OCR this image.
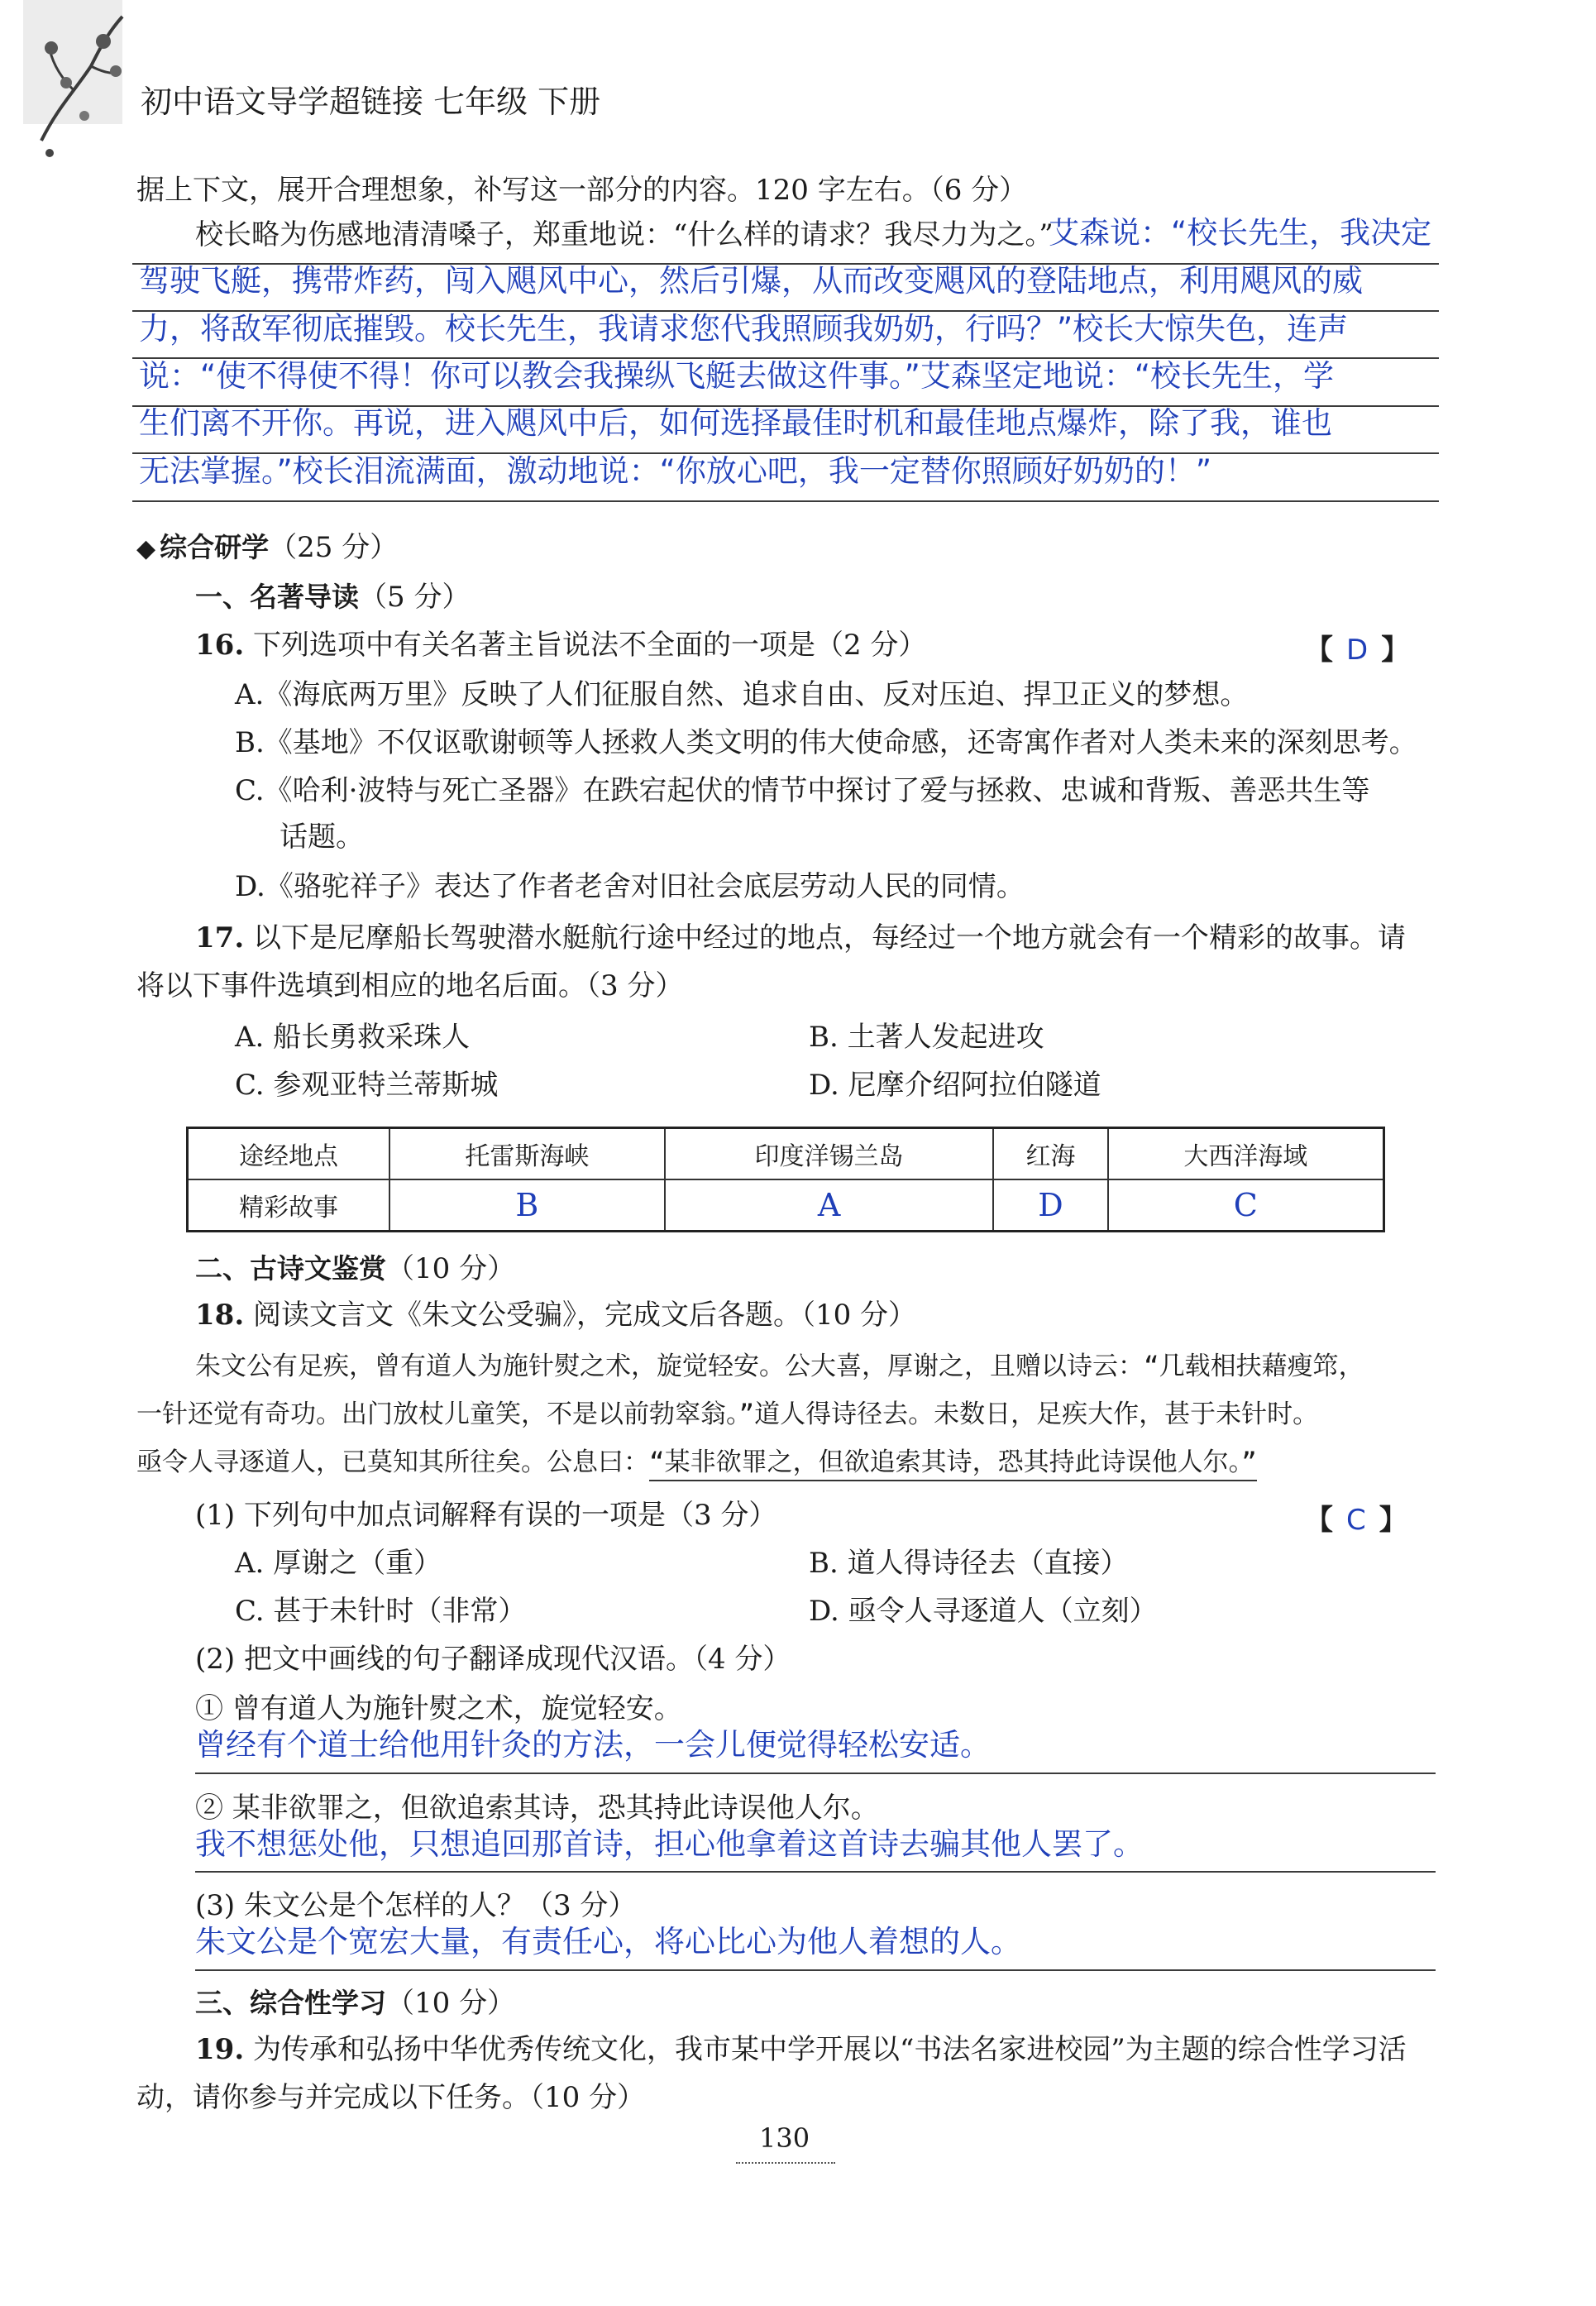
初中语文导学超链接 七年级 下册
据上下文，展开合理想象，补写这一部分的内容。120 字左右。（6 分）
校长略为伤感地清清嗓子，郑重地说：“什么样的请求？我尽力为之。”
艾森说：“校长先生，我决定
驾驶飞艇，携带炸药，闯入飓风中心，然后引爆，从而改变飓风的登陆地点，利用飓风的威
力，将敌军彻底摧毁。校长先生，我请求您代我照顾我奶奶，行吗？”校长大惊失色，连声
说：“使不得使不得！你可以教会我操纵飞艇去做这件事。”艾森坚定地说：“校长先生，学
生们离不开你。再说，进入飓风中后，如何选择最佳时机和最佳地点爆炸，除了我，谁也
无法掌握。”校长泪流满面，激动地说：“你放心吧，我一定替你照顾好奶奶的！”
◆ 综合研学（25 分）
一、名著导读（5 分）
16. 下列选项中有关名著主旨说法不全面的一项是（2 分）	【 D 】
A.《海底两万里》反映了人们征服自然、追求自由、反对压迫、捍卫正义的梦想。
B.《基地》不仅讴歌谢顿等人拯救人类文明的伟大使命感，还寄寓作者对人类未来的深刻思考。
C.《哈利·波特与死亡圣器》在跌宕起伏的情节中探讨了爱与拯救、忠诚和背叛、善恶共生等
话题。
D.《骆驼祥子》表达了作者老舍对旧社会底层劳动人民的同情。
17. 以下是尼摩船长驾驶潜水艇航行途中经过的地点，每经过一个地方就会有一个精彩的故事。请
将以下事件选填到相应的地名后面。（3 分）
A. 船长勇救采珠人	B. 土著人发起进攻
C. 参观亚特兰蒂斯城	D. 尼摩介绍阿拉伯隧道
途经地点	托雷斯海峡	印度洋锡兰岛	红海	大西洋海域
精彩故事	B	A	D	C
二、古诗文鉴赏（10 分）
18. 阅读文言文《朱文公受骗》，完成文后各题。（10 分）
朱文公有足疾，曾有道人为施针熨之术，旋觉轻安。公大喜，厚谢之，且赠以诗云：“几载相扶藉瘦筇，
一针还觉有奇功。出门放杖儿童笑，不是以前勃窣翁。”道人得诗径去。未数日，足疾大作，甚于未针时。
亟令人寻逐道人，已莫知其所往矣。公息曰：“某非欲罪之，但欲追索其诗，恐其持此诗误他人尔。”
(1) 下列句中加点词解释有误的一项是（3 分）	【 C 】
A. 厚谢之（重）	B. 道人得诗径去（直接）
C. 甚于未针时（非常）	D. 亟令人寻逐道人（立刻）
(2) 把文中画线的句子翻译成现代汉语。（4 分）
① 曾有道人为施针熨之术，旋觉轻安。
曾经有个道士给他用针灸的方法，一会儿便觉得轻松安适。
② 某非欲罪之，但欲追索其诗，恐其持此诗误他人尔。
我不想惩处他，只想追回那首诗，担心他拿着这首诗去骗其他人罢了。
(3) 朱文公是个怎样的人？（3 分）
朱文公是个宽宏大量，有责任心，将心比心为他人着想的人。
三、综合性学习（10 分）
19. 为传承和弘扬中华优秀传统文化，我市某中学开展以“书法名家进校园”为主题的综合性学习活
动，请你参与并完成以下任务。（10 分）
130
